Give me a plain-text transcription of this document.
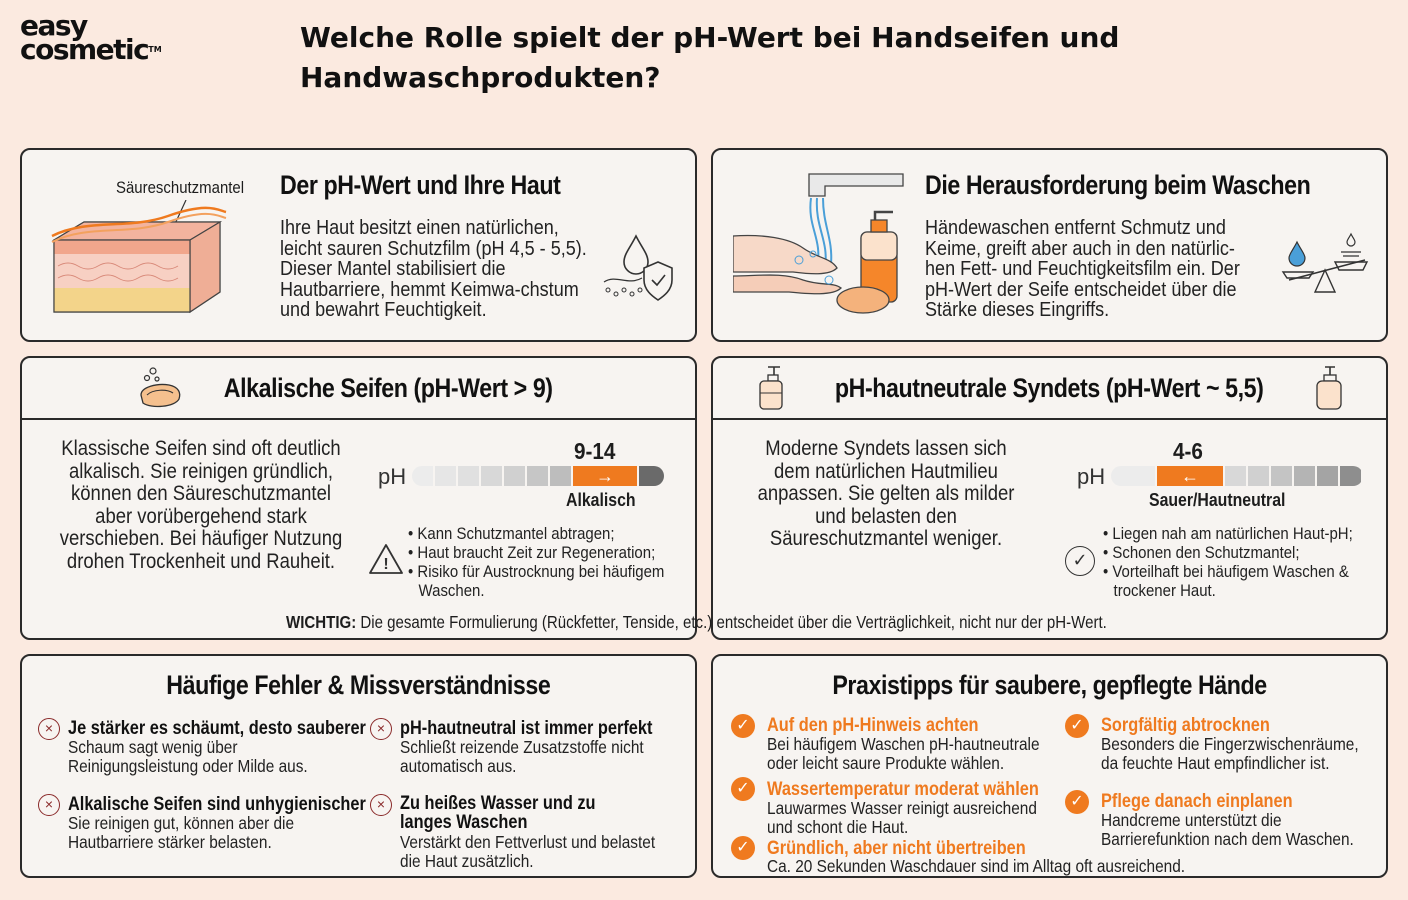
easy
cosmetic™	Welche Rolle spielt der pH-Wert bei Handseifen und Handwaschprodukten?
Säureschutzmantel Der pH-Wert und Ihre Haut
Ihre Haut besitzt einen natürlichen, leicht sauren Schutzfilm (pH 4,5 - 5,5). Dieser Mantel stabilisiert die Hautbarriere, hemmt Keimwa-chstum und bewahrt Feuchtigkeit.
Die Herausforderung beim Waschen
Händewaschen entfernt Schmutz und Keime, greift aber auch in den natürlic-hen Fett- und Feuchtigkeitsfilm ein. Der pH-Wert der Seife entscheidet über die Stärke dieses Eingriffs.
Alkalische Seifen (pH-Wert > 9)
Klassische Seifen sind oft deutlich alkalisch. Sie reinigen gründlich, können den Säureschutzmantel aber vorübergehend stark verschieben. Bei häufiger Nutzung drohen Trockenheit und Rauheit.
pH
9-14
→
Alkalisch
!
• Kann Schutzmantel abtragen;
• Haut braucht Zeit zur Regeneration;
• Risiko für Austrocknung bei häufigem Waschen.
pH-hautneutrale Syndets (pH-Wert ~ 5,5)
Moderne Syndets lassen sich dem natürlichen Hautmilieu anpassen. Sie gelten als milder und belasten den Säureschutzmantel weniger.
pH
4-6
←
Sauer/Hautneutral
✓
• Liegen nah am natürlichen Haut-pH;
• Schonen den Schutzmantel;
• Vorteilhaft bei häufigem Waschen & trockener Haut.
WICHTIG: Die gesamte Formulierung (Rückfetter, Tenside, etc.) entscheidet über die Verträglichkeit, nicht nur der pH-Wert.
Häufige Fehler & Missverständnisse
× Je stärker es schäumt, desto sauberer
Schaum sagt wenig über Reinigungsleistung oder Milde aus.
× pH-hautneutral ist immer perfekt
Schließt reizende Zusatzstoffe nicht automatisch aus.
× Alkalische Seifen sind unhygienischer
Sie reinigen gut, können aber die Hautbarriere stärker belasten.
× Zu heißes Wasser und zu langes Waschen
Verstärkt den Fettverlust und belastet die Haut zusätzlich.
Praxistipps für saubere, gepflegte Hände
✓ Auf den pH-Hinweis achten
Bei häufigem Waschen pH-hautneutrale oder leicht saure Produkte wählen.
✓ Wassertemperatur moderat wählen
Lauwarmes Wasser reinigt ausreichend und schont die Haut.
✓ Gründlich, aber nicht übertreiben
Ca. 20 Sekunden Waschdauer sind im Alltag oft ausreichend.
✓ Sorgfältig abtrocknen
Besonders die Fingerzwischenräume, da feuchte Haut empfindlicher ist.
✓ Pflege danach einplanen
Handcreme unterstützt die Barrierefunktion nach dem Waschen.
